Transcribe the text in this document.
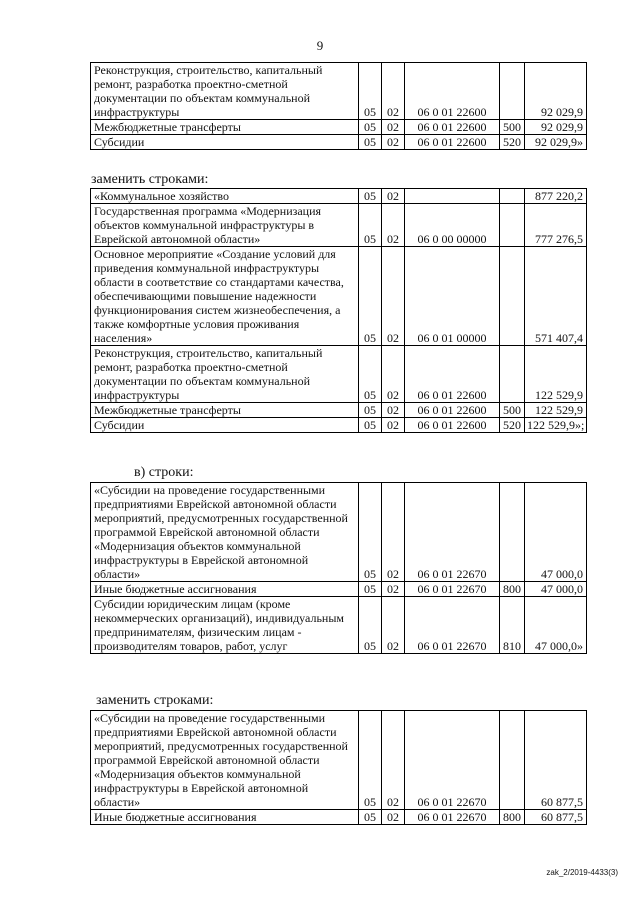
9
Реконструкция, строительство, капитальный ремонт, разработка проектно-сметной документации по объектам коммунальной инфраструктуры	05	02	06 0 01 22600		92 029,9
Межбюджетные трансферты	05	02	06 0 01 22600	500	92 029,9
Субсидии	05	02	06 0 01 22600	520	92 029,9»
заменить строками:
«Коммунальное хозяйство	05	02			877 220,2
Государственная программа «Модернизация объектов коммунальной инфраструктуры в Еврейской автономной области»	05	02	06 0 00 00000		777 276,5
Основное мероприятие «Создание условий для приведения коммунальной инфраструктуры области в соответствие со стандартами качества, обеспечивающими повышение надежности функционирования систем жизнеобеспечения, а также комфортные условия проживания населения»	05	02	06 0 01 00000		571 407,4
Реконструкция, строительство, капитальный ремонт, разработка проектно-сметной документации по объектам коммунальной инфраструктуры	05	02	06 0 01 22600		122 529,9
Межбюджетные трансферты	05	02	06 0 01 22600	500	122 529,9
Субсидии	05	02	06 0 01 22600	520	122 529,9»;
в) строки:
«Субсидии на проведение государственными предприятиями Еврейской автономной области мероприятий, предусмотренных государственной программой Еврейской автономной области «Модернизация объектов коммунальной инфраструктуры в Еврейской автономной области»	05	02	06 0 01 22670		47 000,0
Иные бюджетные ассигнования	05	02	06 0 01 22670	800	47 000,0
Субсидии юридическим лицам (кроме некоммерческих организаций), индивидуальным предпринимателям, физическим лицам - производителям товаров, работ, услуг	05	02	06 0 01 22670	810	47 000,0»
заменить строками:
«Субсидии на проведение государственными предприятиями Еврейской автономной области мероприятий, предусмотренных государственной программой Еврейской автономной области «Модернизация объектов коммунальной инфраструктуры в Еврейской автономной области»	05	02	06 0 01 22670		60 877,5
Иные бюджетные ассигнования	05	02	06 0 01 22670	800	60 877,5
zak_2/2019-4433(3)
